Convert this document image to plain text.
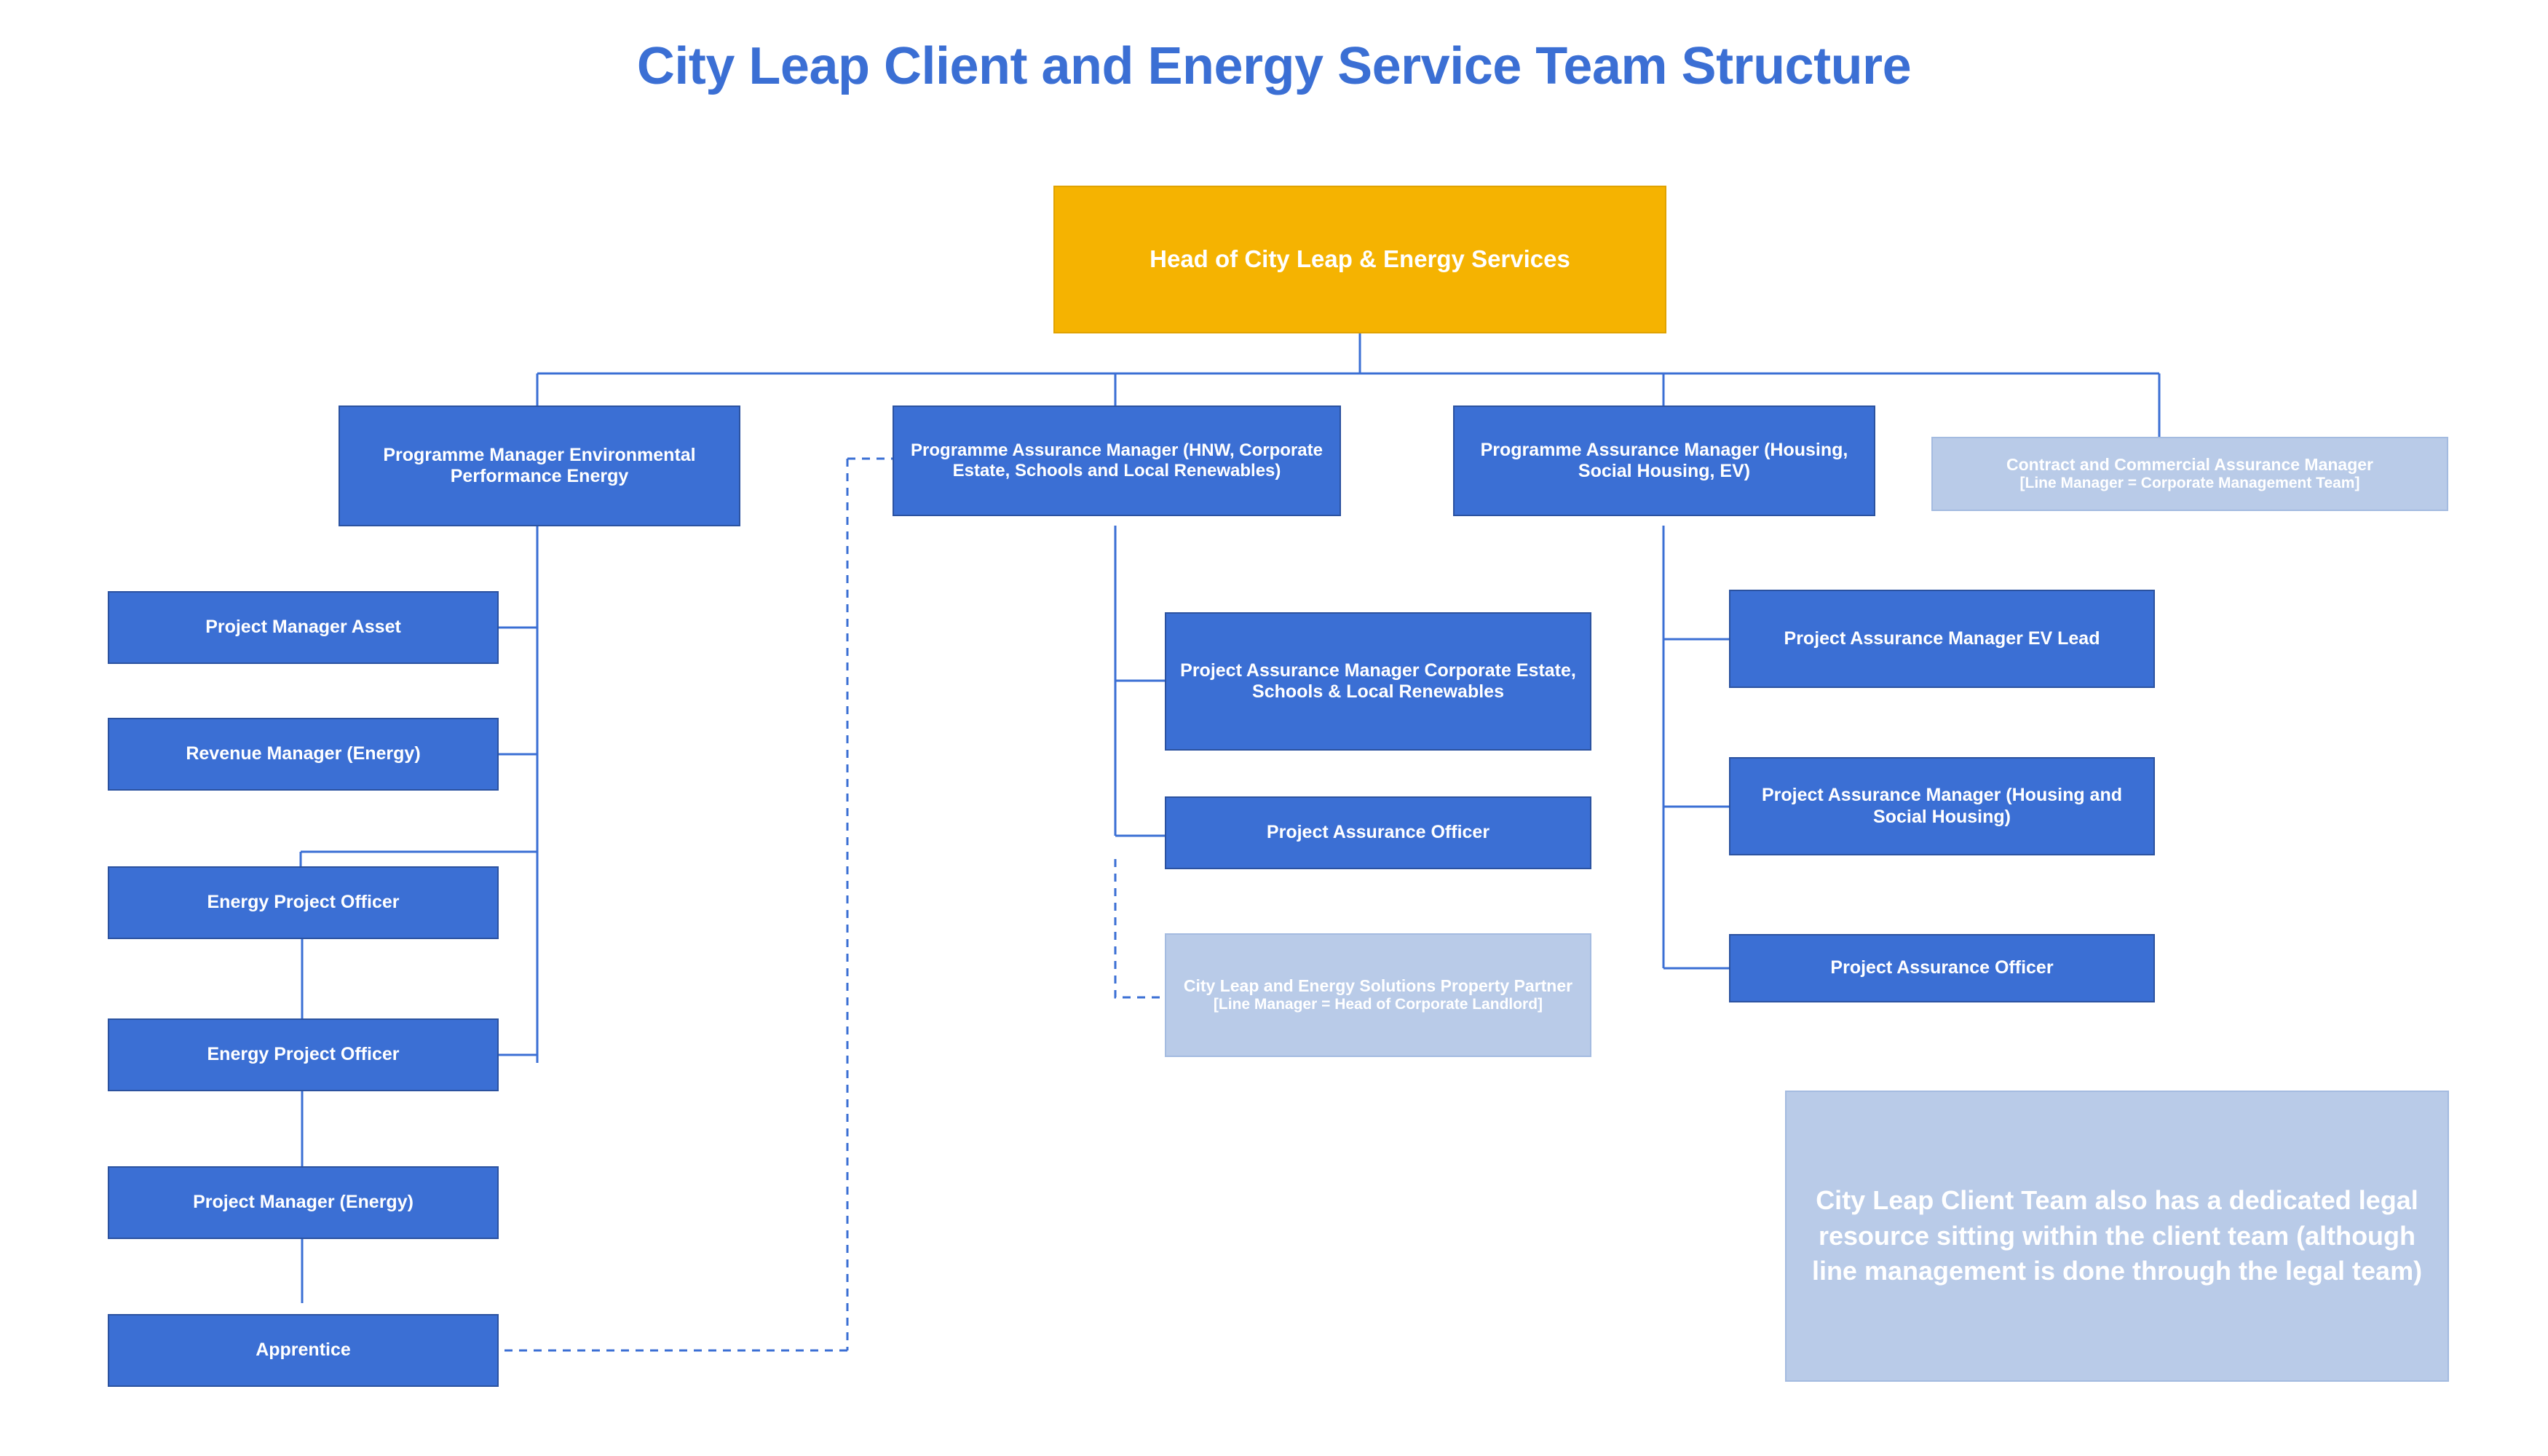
City Leap Client and Energy Service Team Structure
Head of City Leap & Energy Services
Programme Manager Environmental Performance Energy
Programme Assurance Manager (HNW, Corporate Estate, Schools and Local Renewables)
Programme Assurance Manager (Housing, Social Housing, EV)	Contract and Commercial Assurance Manager
[Line Manager = Corporate Management Team]
Project Manager Asset
Revenue Manager (Energy)
Energy Project Officer
Energy Project Officer
Project Manager (Energy)
Apprentice
Project Assurance Manager Corporate Estate, Schools & Local Renewables
Project Assurance Officer
City Leap and Energy Solutions Property Partner
[Line Manager = Head of Corporate Landlord]
Project Assurance Manager EV Lead
Project Assurance Manager (Housing and Social Housing)
Project Assurance Officer
City Leap Client Team also has a dedicated legal resource sitting within the client team (although line management is done through the legal team)
